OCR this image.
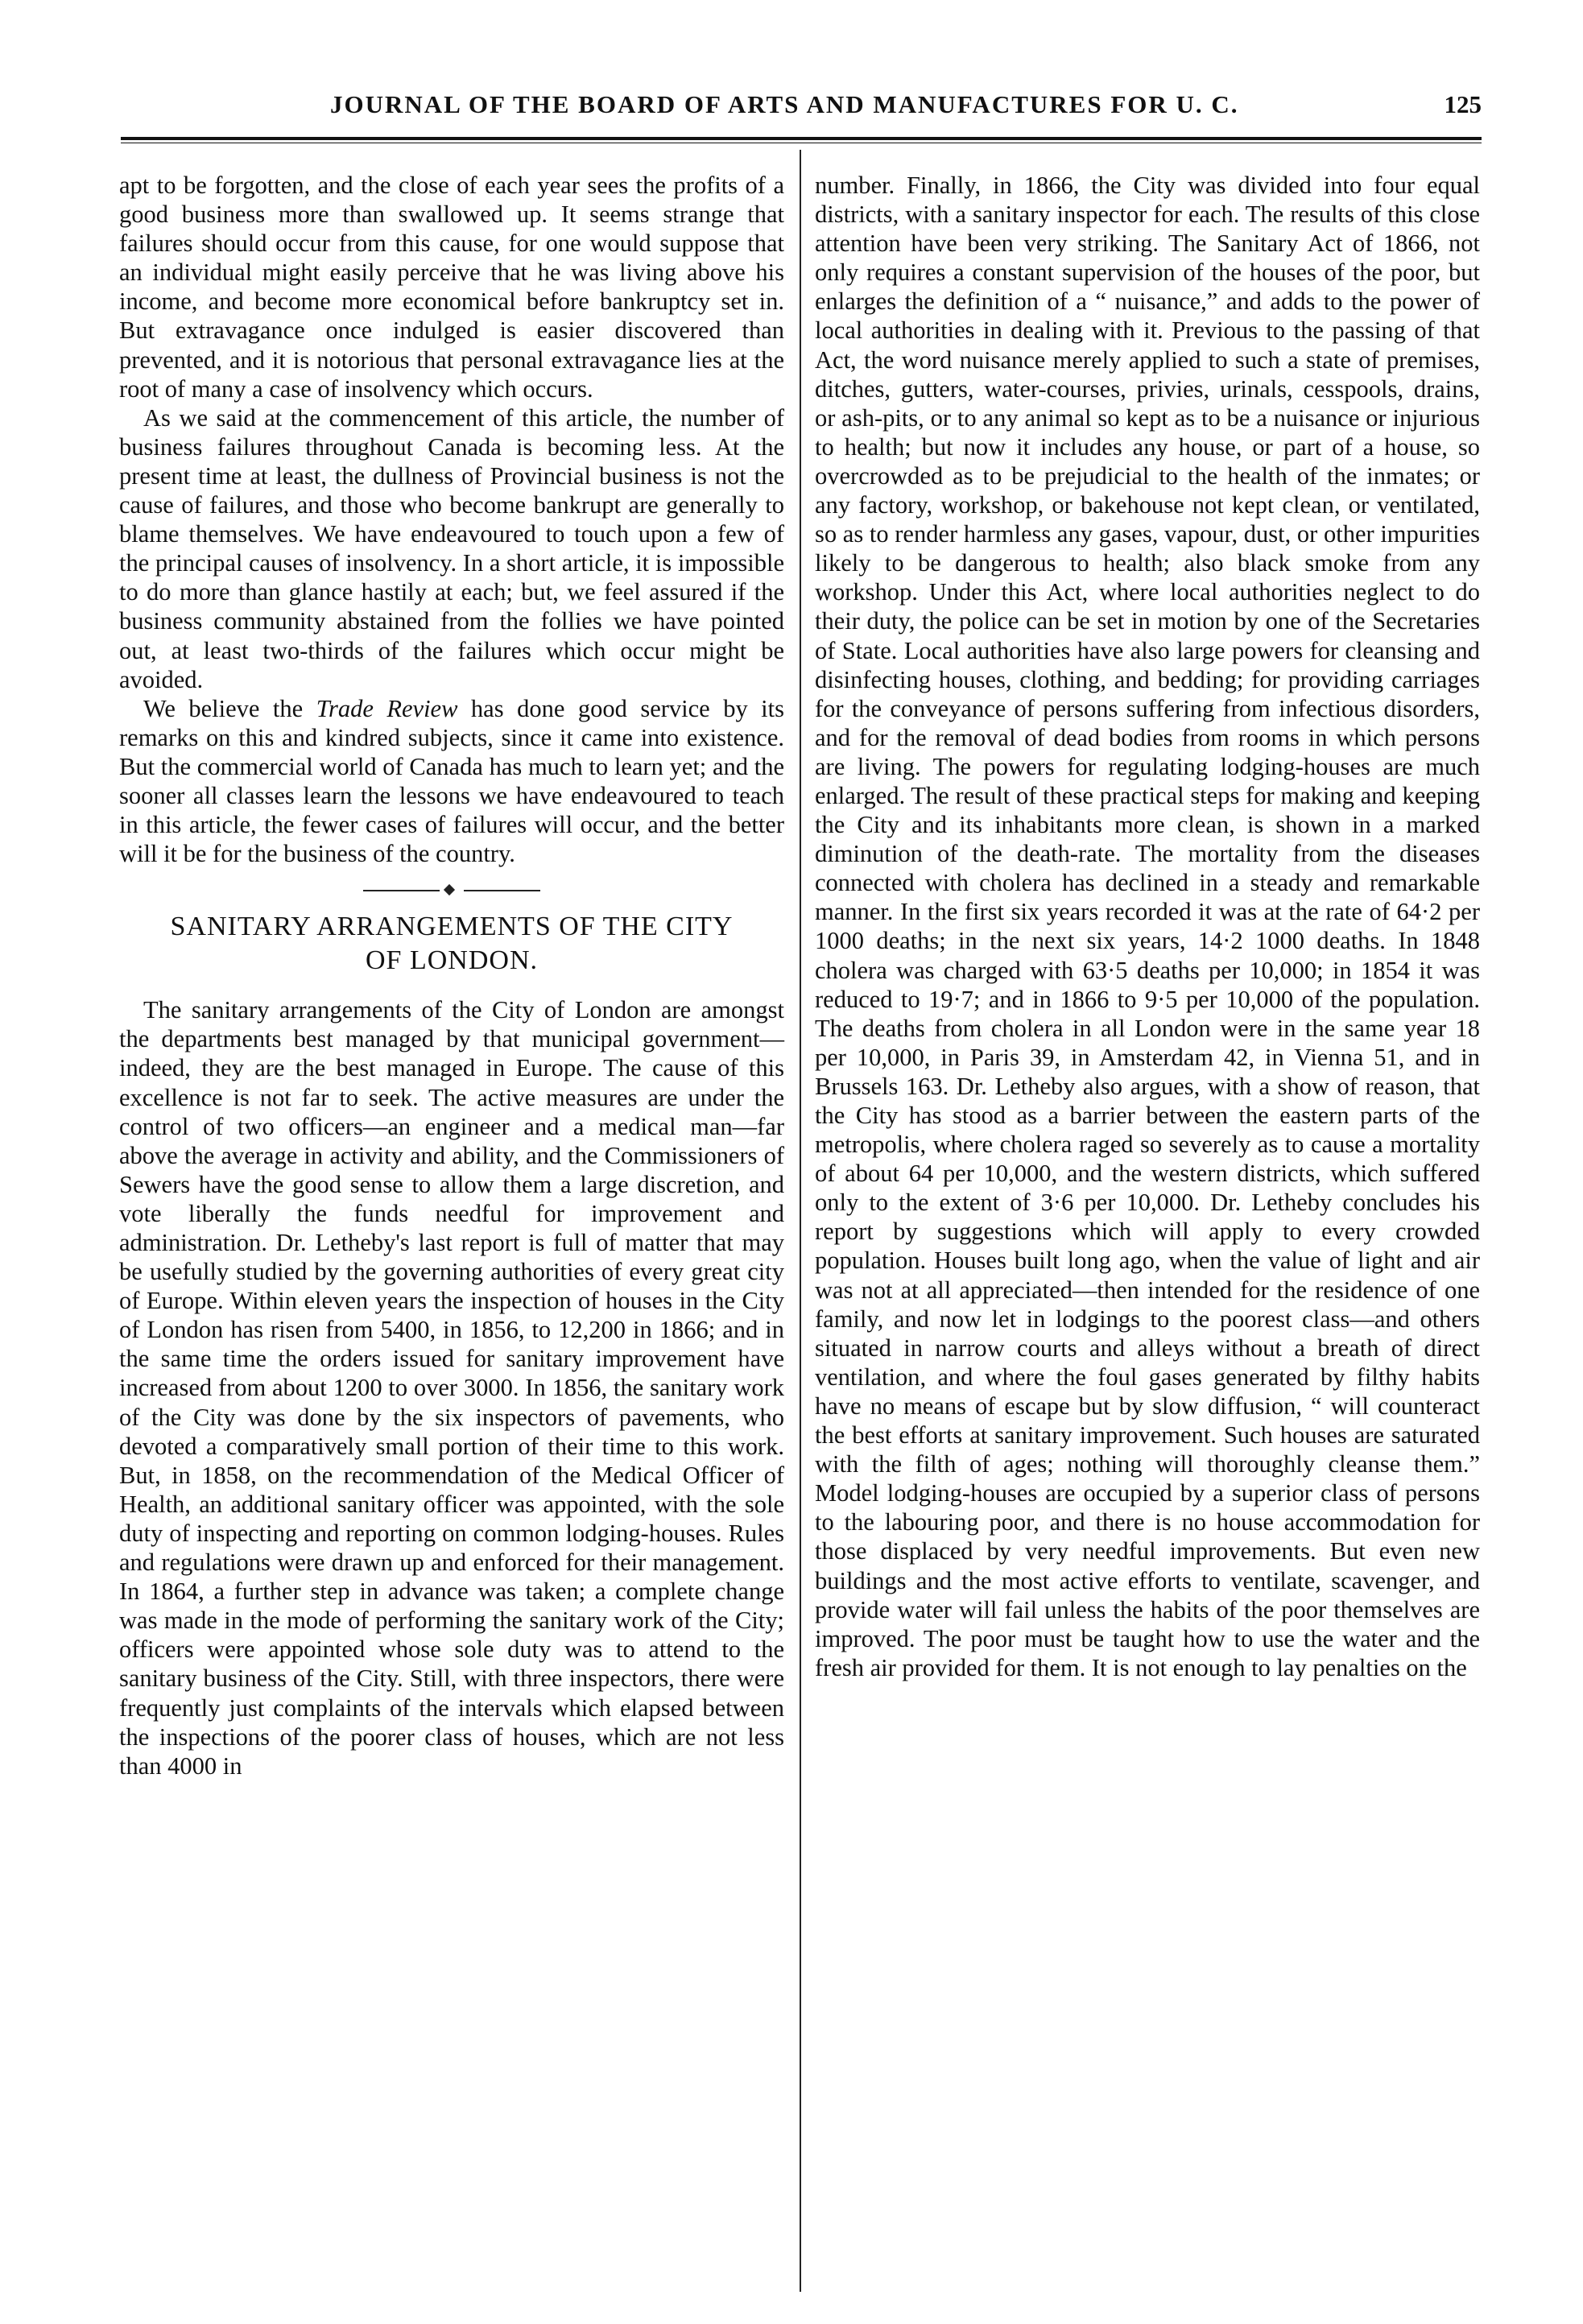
JOURNAL OF THE BOARD OF ARTS AND MANUFACTURES FOR U. C.	125

apt to be forgotten, and the close of each year sees the profits of a good business more than swallowed up. It seems strange that failures should occur from this cause, for one would suppose that an individual might easily perceive that he was living above his income, and become more economical before bankruptcy set in. But extravagance once indulged is easier discovered than prevented, and it is notorious that personal extravagance lies at the root of many a case of insolvency which occurs.

As we said at the commencement of this article, the number of business failures throughout Canada is becoming less. At the present time at least, the dullness of Provincial business is not the cause of failures, and those who become bankrupt are generally to blame themselves. We have endeavoured to touch upon a few of the principal causes of insolvency. In a short article, it is impossible to do more than glance hastily at each; but, we feel assured if the business community abstained from the follies we have pointed out, at least two-thirds of the failures which occur might be avoided.

We believe the Trade Review has done good service by its remarks on this and kindred subjects, since it came into existence. But the commercial world of Canada has much to learn yet; and the sooner all classes learn the lessons we have endeavoured to teach in this article, the fewer cases of failures will occur, and the better will it be for the business of the country.

SANITARY ARRANGEMENTS OF THE CITY
OF LONDON.

The sanitary arrangements of the City of London are amongst the departments best managed by that municipal government—indeed, they are the best managed in Europe. The cause of this excellence is not far to seek. The active measures are under the control of two officers—an engineer and a medical man—far above the average in activity and ability, and the Commissioners of Sewers have the good sense to allow them a large discretion, and vote liberally the funds needful for improvement and administration. Dr. Letheby's last report is full of matter that may be usefully studied by the governing authorities of every great city of Europe. Within eleven years the inspection of houses in the City of London has risen from 5400, in 1856, to 12,200 in 1866; and in the same time the orders issued for sanitary improvement have increased from about 1200 to over 3000. In 1856, the sanitary work of the City was done by the six inspectors of pavements, who devoted a comparatively small portion of their time to this work. But, in 1858, on the recommendation of the Medical Officer of Health, an additional sanitary officer was appointed, with the sole duty of inspecting and reporting on common lodging-houses. Rules and regulations were drawn up and enforced for their management. In 1864, a further step in advance was taken; a complete change was made in the mode of performing the sanitary work of the City; officers were appointed whose sole duty was to attend to the sanitary business of the City. Still, with three inspectors, there were frequently just complaints of the intervals which elapsed between the inspections of the poorer class of houses, which are not less than 4000 in

number. Finally, in 1866, the City was divided into four equal districts, with a sanitary inspector for each. The results of this close attention have been very striking. The Sanitary Act of 1866, not only requires a constant supervision of the houses of the poor, but enlarges the definition of a “ nuisance,” and adds to the power of local authorities in dealing with it. Previous to the passing of that Act, the word nuisance merely applied to such a state of premises, ditches, gutters, water-courses, privies, urinals, cesspools, drains, or ash-pits, or to any animal so kept as to be a nuisance or injurious to health; but now it includes any house, or part of a house, so overcrowded as to be prejudicial to the health of the inmates; or any factory, workshop, or bakehouse not kept clean, or ventilated, so as to render harmless any gases, vapour, dust, or other impurities likely to be dangerous to health; also black smoke from any workshop. Under this Act, where local authorities neglect to do their duty, the police can be set in motion by one of the Secretaries of State. Local authorities have also large powers for cleansing and disinfecting houses, clothing, and bedding; for providing carriages for the conveyance of persons suffering from infectious disorders, and for the removal of dead bodies from rooms in which persons are living. The powers for regulating lodging-houses are much enlarged. The result of these practical steps for making and keeping the City and its inhabitants more clean, is shown in a marked diminution of the death-rate. The mortality from the diseases connected with cholera has declined in a steady and remarkable manner. In the first six years recorded it was at the rate of 64·2 per 1000 deaths; in the next six years, 14·2 1000 deaths. In 1848 cholera was charged with 63·5 deaths per 10,000; in 1854 it was reduced to 19·7; and in 1866 to 9·5 per 10,000 of the population. The deaths from cholera in all London were in the same year 18 per 10,000, in Paris 39, in Amsterdam 42, in Vienna 51, and in Brussels 163. Dr. Letheby also argues, with a show of reason, that the City has stood as a barrier between the eastern parts of the metropolis, where cholera raged so severely as to cause a mortality of about 64 per 10,000, and the western districts, which suffered only to the extent of 3·6 per 10,000. Dr. Letheby concludes his report by suggestions which will apply to every crowded population. Houses built long ago, when the value of light and air was not at all appreciated—then intended for the residence of one family, and now let in lodgings to the poorest class—and others situated in narrow courts and alleys without a breath of direct ventilation, and where the foul gases generated by filthy habits have no means of escape but by slow diffusion, “ will counteract the best efforts at sanitary improvement. Such houses are saturated with the filth of ages; nothing will thoroughly cleanse them.” Model lodging-houses are occupied by a superior class of persons to the labouring poor, and there is no house accommodation for those displaced by very needful improvements. But even new buildings and the most active efforts to ventilate, scavenger, and provide water will fail unless the habits of the poor themselves are improved. The poor must be taught how to use the water and the fresh air provided for them. It is not enough to lay penalties on the
